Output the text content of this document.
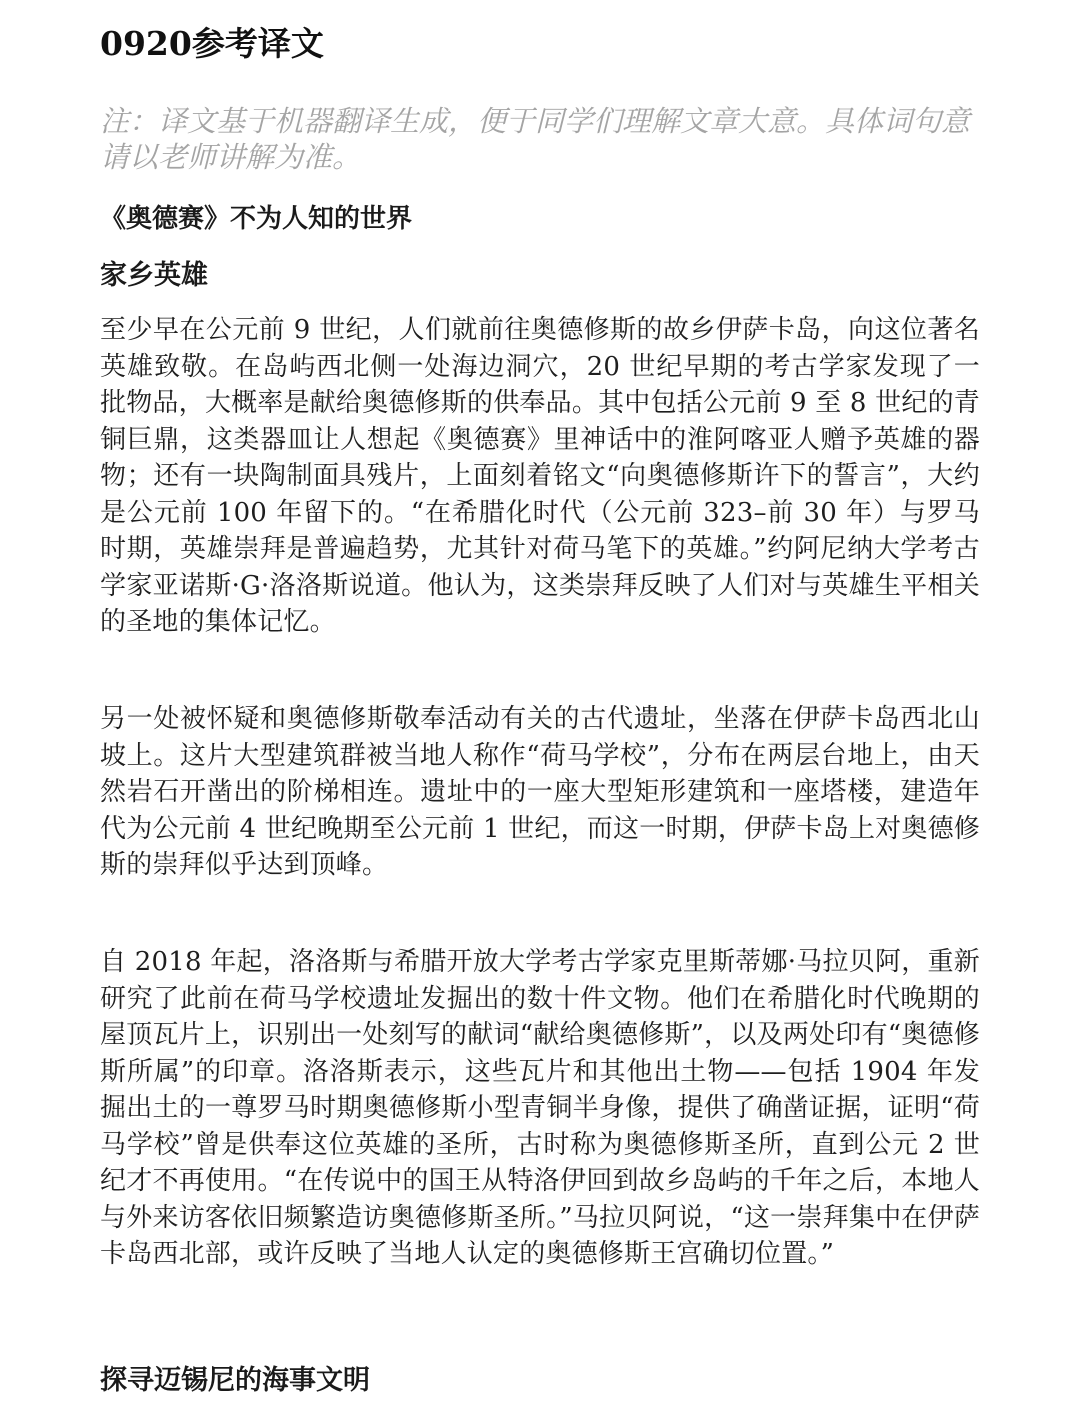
0920参考译文

注：译文基于机器翻译生成，便于同学们理解文章大意。具体词句意请以老师讲解为准。

《奥德赛》不为人知的世界
家乡英雄

至少早在公元前 9 世纪，人们就前往奥德修斯的故乡伊萨卡岛，向这位著名英雄致敬。在岛屿西北侧一处海边洞穴，20 世纪早期的考古学家发现了一批物品，大概率是献给奥德修斯的供奉品。其中包括公元前 9 至 8 世纪的青铜巨鼎，这类器皿让人想起《奥德赛》里神话中的淮阿喀亚人赠予英雄的器物；还有一块陶制面具残片，上面刻着铭文“向奥德修斯许下的誓言”，大约是公元前 100 年留下的。“在希腊化时代（公元前 323–前 30 年）与罗马时期，英雄崇拜是普遍趋势，尤其针对荷马笔下的英雄。”约阿尼纳大学考古学家亚诺斯·G·洛洛斯说道。他认为，这类崇拜反映了人们对与英雄生平相关的圣地的集体记忆。

另一处被怀疑和奥德修斯敬奉活动有关的古代遗址，坐落在伊萨卡岛西北山坡上。这片大型建筑群被当地人称作“荷马学校”，分布在两层台地上，由天然岩石开凿出的阶梯相连。遗址中的一座大型矩形建筑和一座塔楼，建造年代为公元前 4 世纪晚期至公元前 1 世纪，而这一时期，伊萨卡岛上对奥德修斯的崇拜似乎达到顶峰。

自 2018 年起，洛洛斯与希腊开放大学考古学家克里斯蒂娜·马拉贝阿，重新研究了此前在荷马学校遗址发掘出的数十件文物。他们在希腊化时代晚期的屋顶瓦片上，识别出一处刻写的献词“献给奥德修斯”，以及两处印有“奥德修斯所属”的印章。洛洛斯表示，这些瓦片和其他出土物——包括 1904 年发掘出土的一尊罗马时期奥德修斯小型青铜半身像，提供了确凿证据，证明“荷马学校”曾是供奉这位英雄的圣所，古时称为奥德修斯圣所，直到公元 2 世纪才不再使用。“在传说中的国王从特洛伊回到故乡岛屿的千年之后，本地人与外来访客依旧频繁造访奥德修斯圣所。”马拉贝阿说，“这一崇拜集中在伊萨卡岛西北部，或许反映了当地人认定的奥德修斯王宫确切位置。”

探寻迈锡尼的海事文明
